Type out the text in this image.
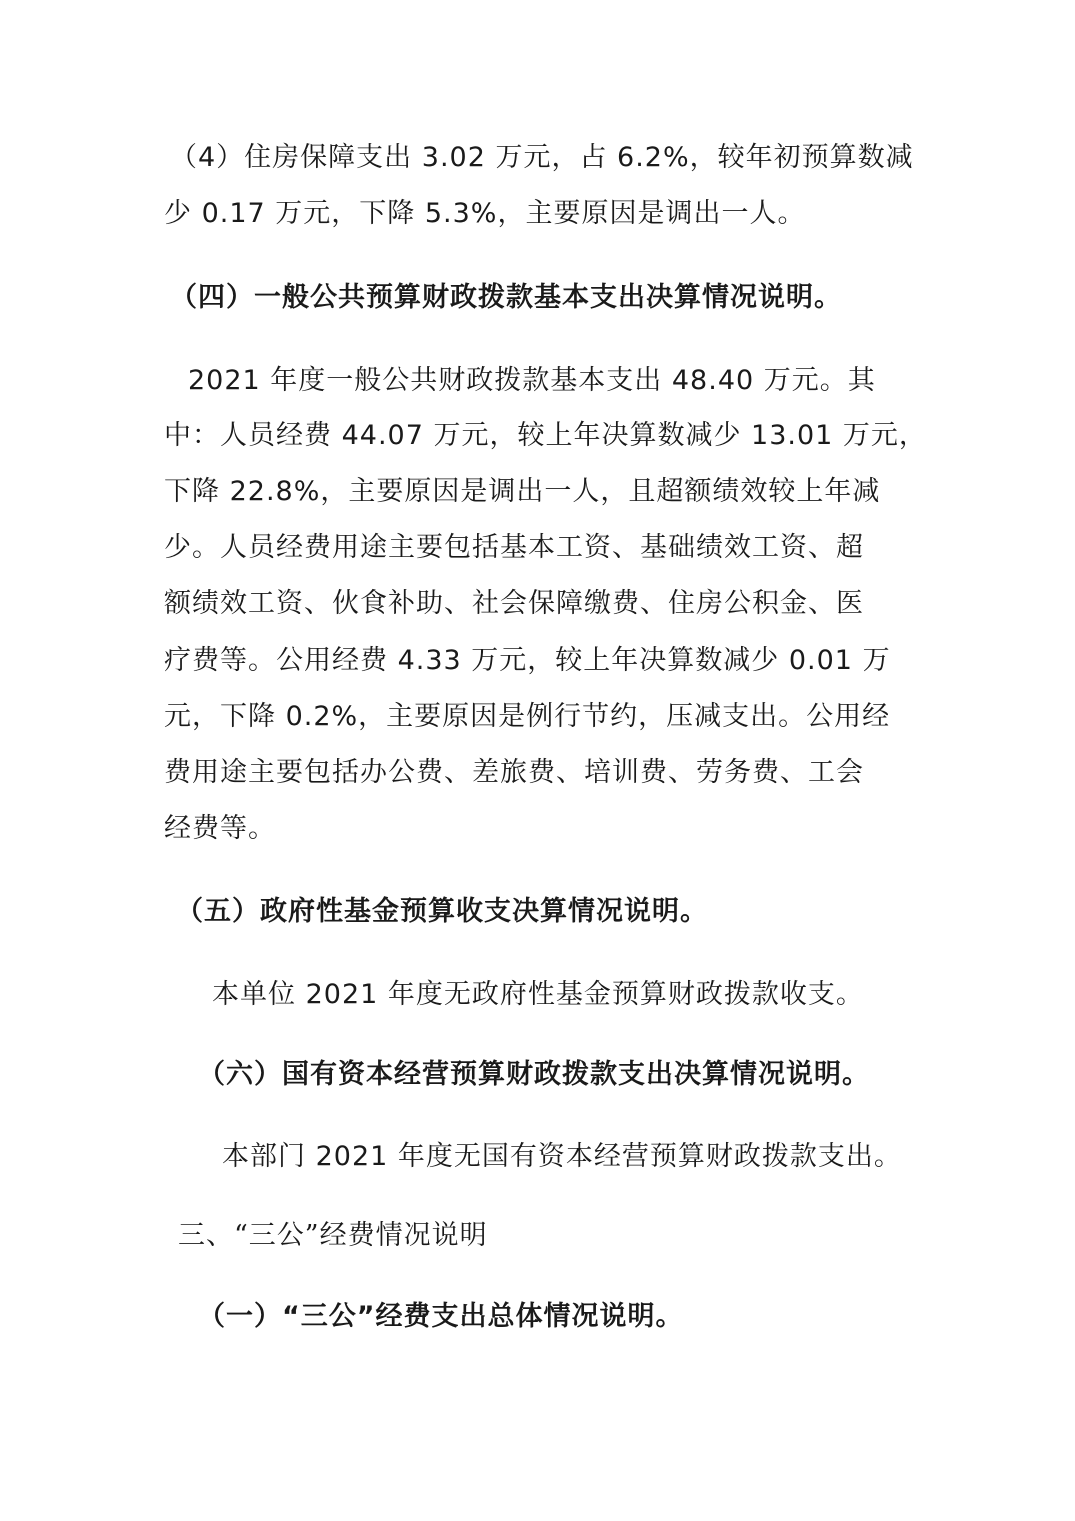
（4）住房保障支出 3.02 万元，占 6.2%，较年初预算数减
少 0.17 万元，下降 5.3%，主要原因是调出一人。
（四）一般公共预算财政拨款基本支出决算情况说明。
2021 年度一般公共财政拨款基本支出 48.40 万元。其
中：人员经费 44.07 万元，较上年决算数减少 13.01 万元，
下降 22.8%，主要原因是调出一人，且超额绩效较上年减
少。人员经费用途主要包括基本工资、基础绩效工资、超
额绩效工资、伙食补助、社会保障缴费、住房公积金、医
疗费等。公用经费 4.33 万元，较上年决算数减少 0.01 万
元，下降 0.2%，主要原因是例行节约，压减支出。公用经
费用途主要包括办公费、差旅费、培训费、劳务费、工会
经费等。
（五）政府性基金预算收支决算情况说明。
本单位 2021 年度无政府性基金预算财政拨款收支。
（六）国有资本经营预算财政拨款支出决算情况说明。
本部门 2021 年度无国有资本经营预算财政拨款支出。
三、“三公”经费情况说明
（一）“三公”经费支出总体情况说明。
